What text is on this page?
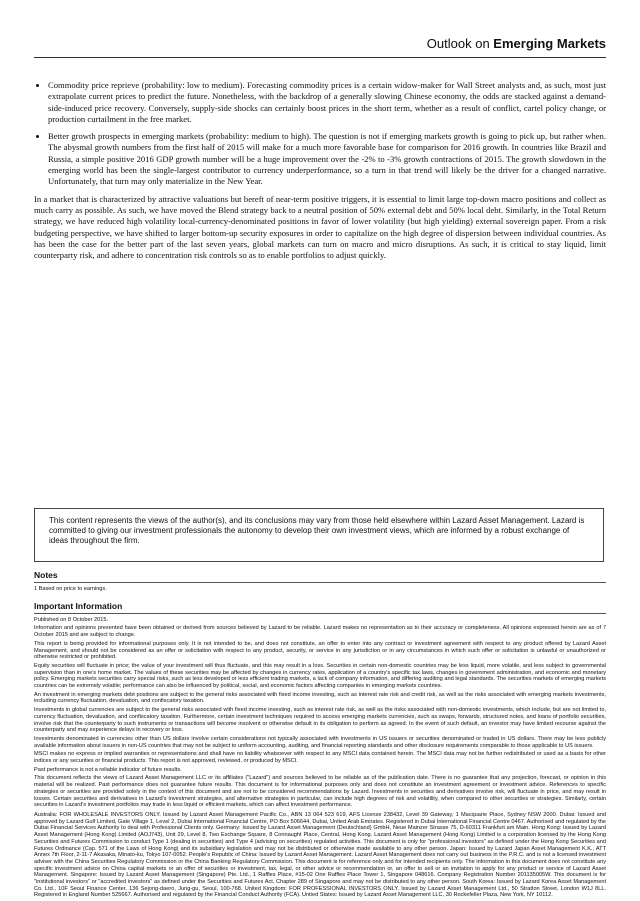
Outlook on Emerging Markets
• Commodity price reprieve (probability: low to medium). Forecasting commodity prices is a certain widow-maker for Wall Street analysts and, as such, most just extrapolate current prices to predict the future. Nonetheless, with the backdrop of a generally slowing Chinese economy, the odds are stacked against a demand-side-induced price recovery. Conversely, supply-side shocks can certainly boost prices in the short term, whether as a result of conflict, cartel policy change, or production curtailment in the free market.
• Better growth prospects in emerging markets (probability: medium to high). The question is not if emerging markets growth is going to pick up, but rather when. The abysmal growth numbers from the first half of 2015 will make for a much more favorable base for comparison for 2016 growth. In countries like Brazil and Russia, a simple positive 2016 GDP growth number will be a huge improvement over the -2% to -3% growth contractions of 2015. The growth slowdown in the emerging world has been the single-largest contributor to currency underperformance, so a turn in that trend will likely be the driver for a changed narrative. Unfortunately, that turn may only materialize in the New Year.

In a market that is characterized by attractive valuations but bereft of near-term positive triggers, it is essential to limit large top-down macro positions and collect as much carry as possible. As such, we have moved the Blend strategy back to a neutral position of 50% external debt and 50% local debt. Similarly, in the Total Return strategy, we have reduced high volatility local-currency-denominated positions in favor of lower volatility (but high yielding) external sovereign paper. From a risk budgeting perspective, we have shifted to larger bottom-up security exposures in order to capitalize on the high degree of dispersion between individual countries. As has been the case for the better part of the last seven years, global markets can turn on macro and micro disruptions. As such, it is critical to stay liquid, limit counterparty risk, and adhere to concentration risk controls so as to enable portfolios to adjust quickly.

This content represents the views of the author(s), and its conclusions may vary from those held elsewhere within Lazard Asset Management. Lazard is committed to giving our investment professionals the autonomy to develop their own investment views, which are informed by a robust exchange of ideas throughout the firm.
Notes

1 Based on price to earnings.

Important Information

Published on 8 October 2015.

Information and opinions presented have been obtained or derived from sources believed by Lazard to be reliable. Lazard makes no representation as to their accuracy or completeness. All opinions expressed herein are as of 7 October 2015 and are subject to change.

This report is being provided for informational purposes only. It is not intended to be, and does not constitute, an offer to enter into any contract or investment agreement with respect to any product offered by Lazard Asset Management, and should not be considered as an offer or solicitation with respect to any product, security, or service in any jurisdiction or in any circumstances in which such offer or solicitation is unlawful or unauthorized or otherwise restricted or prohibited.

Equity securities will fluctuate in price; the value of your investment will thus fluctuate, and this may result in a loss. Securities in certain non-domestic countries may be less liquid, more volatile, and less subject to governmental supervision than in one's home market. The values of these securities may be affected by changes in currency rates, application of a country's specific tax laws, changes in government administration, and economic and monetary policy. Emerging markets securities carry special risks, such as less developed or less efficient trading markets, a lack of company information, and differing auditing and legal standards. The securities markets of emerging markets countries can be extremely volatile; performance can also be influenced by political, social, and economic factors affecting companies in emerging markets countries.

An investment in emerging markets debt positions are subject to the general risks associated with fixed income investing, such as interest rate risk and credit risk, as well as the risks associated with emerging markets investments, including currency fluctuation, devaluation, and confiscatory taxation.

Investments in global currencies are subject to the general risks associated with fixed income investing, such as interest rate risk, as well as the risks associated with non-domestic investments, which include, but are not limited to, currency fluctuation, devaluation, and confiscatory taxation. Furthermore, certain investment techniques required to access emerging markets currencies, such as swaps, forwards, structured notes, and loans of portfolio securities, involve risk that the counterparty to such instruments or transactions will become insolvent or otherwise default in its obligation to perform as agreed. In the event of such default, an investor may have limited recourse against the counterparty and may experience delays in recovery or loss.

Investments denominated in currencies other than US dollars involve certain considerations not typically associated with investments in US issuers or securities denominated or traded in US dollars. There may be less publicly available information about issuers in non-US countries that may not be subject to uniform accounting, auditing, and financial reporting standards and other disclosure requirements comparable to those applicable to US issuers.

MSCI makes no express or implied warranties or representations and shall have no liability whatsoever with respect to any MSCI data contained herein. The MSCI data may not be further redistributed or used as a basis for other indices or any securities or financial products. This report is not approved, reviewed, or produced by MSCI.

Past performance is not a reliable indicator of future results.

This document reflects the views of Lazard Asset Management LLC or its affiliates ("Lazard") and sources believed to be reliable as of the publication date. There is no guarantee that any projection, forecast, or opinion in this material will be realized. Past performance does not guarantee future results. This document is for informational purposes only and does not constitute an investment agreement or investment advice. References to specific strategies or securities are provided solely in the context of this document and are not to be considered recommendations by Lazard. Investments in securities and derivatives involve risk, will fluctuate in price, and may result in losses. Certain securities and derivatives in Lazard's investment strategies, and alternative strategies in particular, can include high degrees of risk and volatility, when compared to other securities or strategies. Similarly, certain securities in Lazard's investment portfolios may trade in less liquid or efficient markets, which can affect investment performance.

Australia: FOR WHOLESALE INVESTORS ONLY. Issued by Lazard Asset Management Pacific Co., ABN 13 064 523 619, AFS License 238432, Level 39 Gateway, 1 Macquarie Place, Sydney NSW 2000. Dubai: Issued and approved by Lazard Gulf Limited, Gate Village 1, Level 2, Dubai International Financial Centre, PO Box 506644, Dubai, United Arab Emirates. Registered in Dubai International Financial Centre 0467. Authorised and regulated by the Dubai Financial Services Authority to deal with Professional Clients only. Germany: Issued by Lazard Asset Management (Deutschland) GmbH, Neue Mainzer Strasse 75, D-60311 Frankfurt am Main. Hong Kong: Issued by Lazard Asset Management (Hong Kong) Limited (AOJ743), Unit 29, Level 8, Two Exchange Square, 8 Connaught Place, Central, Hong Kong. Lazard Asset Management (Hong Kong) Limited is a corporation licensed by the Hong Kong Securities and Futures Commission to conduct Type 1 (dealing in securities) and Type 4 (advising on securities) regulated activities. This document is only for "professional investors" as defined under the Hong Kong Securities and Futures Ordinance (Cap. 571 of the Laws of Hong Kong) and its subsidiary legislation and may not be distributed or otherwise made available to any other person. Japan: Issued by Lazard Japan Asset Management K.K., ATT Annex 7th Floor, 2-11-7 Akasaka, Minato-ku, Tokyo 107-0052. People's Republic of China: Issued by Lazard Asset Management. Lazard Asset Management does not carry out business in the P.R.C. and is not a licensed investment adviser with the China Securities Regulatory Commission or the China Banking Regulatory Commission. This document is for reference only and for intended recipients only. The information in this document does not constitute any specific investment advice on China capital markets or an offer of securities or investment, tax, legal, or other advice or recommendation or, an offer to sell or an invitation to apply for any product or service of Lazard Asset Management. Singapore: Issued by Lazard Asset Management (Singapore) Pte. Ltd., 1 Raffles Place, #15-02 One Raffles Place Tower 1, Singapore 048616. Company Registration Number 201135005W. This document is for "institutional investors" or "accredited investors" as defined under the Securities and Futures Act, Chapter 289 of Singapore and may not be distributed to any other person. South Korea: Issued by Lazard Korea Asset Management Co. Ltd., 10F Seoul Finance Center, 136 Sejong-daero, Jung-gu, Seoul, 100-768. United Kingdom: FOR PROFESSIONAL INVESTORS ONLY. Issued by Lazard Asset Management Ltd., 50 Stratton Street, London W1J 8LL. Registered in England Number 525667. Authorised and regulated by the Financial Conduct Authority (FCA). United States: Issued by Lazard Asset Management LLC, 30 Rockefeller Plaza, New York, NY 10112.
